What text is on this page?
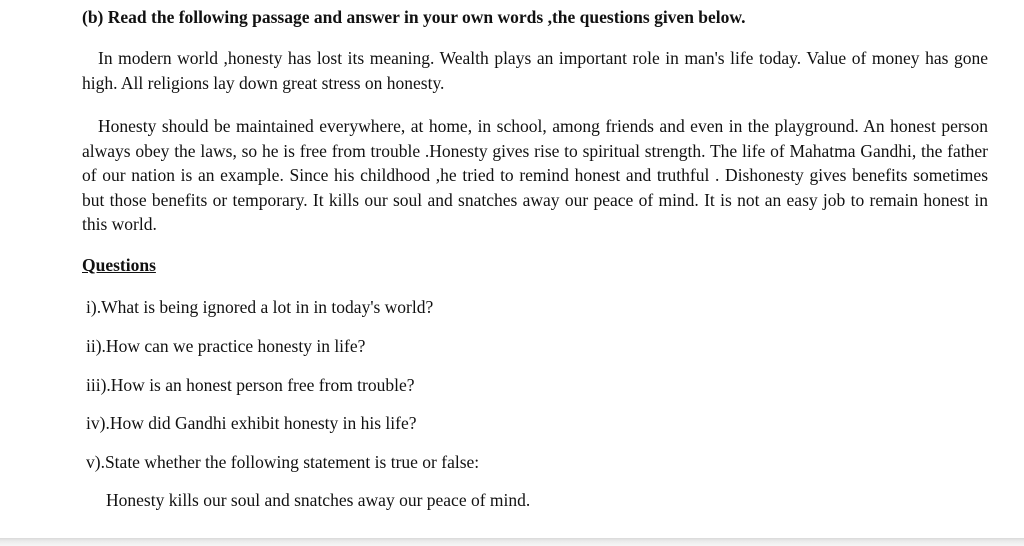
(b) Read the following passage and answer in your own words ,the questions given below.

In modern world ,honesty has lost its meaning. Wealth plays an important role in man's life today. Value of money has gone high. All religions lay down great stress on honesty.

Honesty should be maintained everywhere, at home, in school, among friends and even in the playground. An honest person always obey the laws, so he is free from trouble .Honesty gives rise to spiritual strength. The life of Mahatma Gandhi, the father of our nation is an example. Since his childhood ,he tried to remind honest and truthful . Dishonesty gives benefits sometimes but those benefits or temporary. It kills our soul and snatches away our peace of mind. It is not an easy job to remain honest in this world.

Questions
i).What is being ignored a lot in in today's world?
ii).How can we practice honesty in life?
iii).How is an honest person free from trouble?
iv).How did Gandhi exhibit honesty in his life?
v).State whether the following statement is true or false:
Honesty kills our soul and snatches away our peace of mind.
